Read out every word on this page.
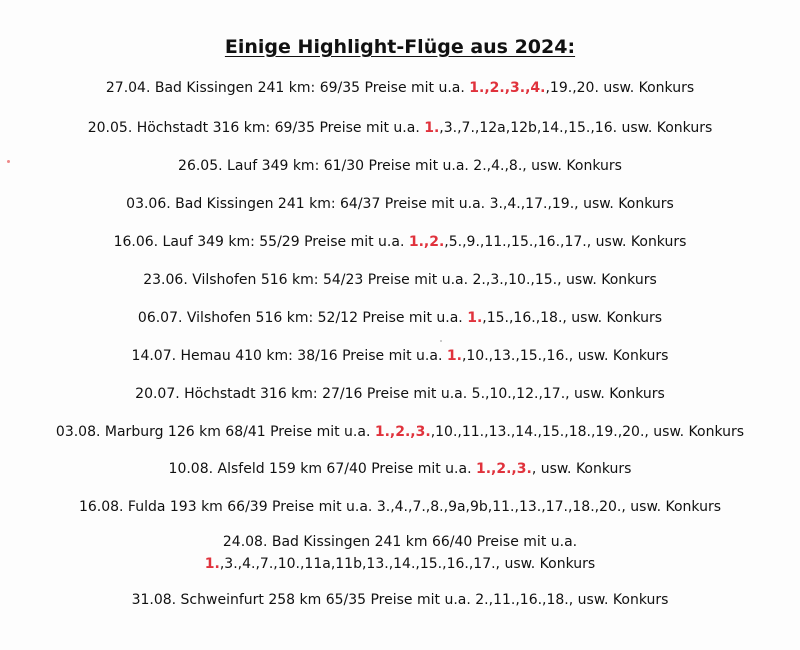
Einige Highlight-Flüge aus 2024:
27.04. Bad Kissingen 241 km: 69/35 Preise mit u.a. 1.,2.,3.,4.,19.,20. usw. Konkurs
20.05. Höchstadt 316 km: 69/35 Preise mit u.a. 1.,3.,7.,12a,12b,14.,15.,16. usw. Konkurs
26.05. Lauf 349 km: 61/30 Preise mit u.a. 2.,4.,8., usw. Konkurs
03.06. Bad Kissingen 241 km: 64/37 Preise mit u.a. 3.,4.,17.,19., usw. Konkurs
16.06. Lauf 349 km: 55/29 Preise mit u.a. 1.,2.,5.,9.,11.,15.,16.,17., usw. Konkurs
23.06. Vilshofen 516 km: 54/23 Preise mit u.a. 2.,3.,10.,15., usw. Konkurs
06.07. Vilshofen 516 km: 52/12 Preise mit u.a. 1.,15.,16.,18., usw. Konkurs
14.07. Hemau 410 km: 38/16 Preise mit u.a. 1.,10.,13.,15.,16., usw. Konkurs
20.07. Höchstadt 316 km: 27/16 Preise mit u.a. 5.,10.,12.,17., usw. Konkurs
03.08. Marburg 126 km 68/41 Preise mit u.a. 1.,2.,3.,10.,11.,13.,14.,15.,18.,19.,20., usw. Konkurs
10.08. Alsfeld 159 km 67/40 Preise mit u.a. 1.,2.,3., usw. Konkurs
16.08. Fulda 193 km 66/39 Preise mit u.a. 3.,4.,7.,8.,9a,9b,11.,13.,17.,18.,20., usw. Konkurs
24.08. Bad Kissingen 241 km 66/40 Preise mit u.a. 1.,3.,4.,7.,10.,11a,11b,13.,14.,15.,16.,17., usw. Konkurs
31.08. Schweinfurt 258 km 65/35 Preise mit u.a. 2.,11.,16.,18., usw. Konkurs
